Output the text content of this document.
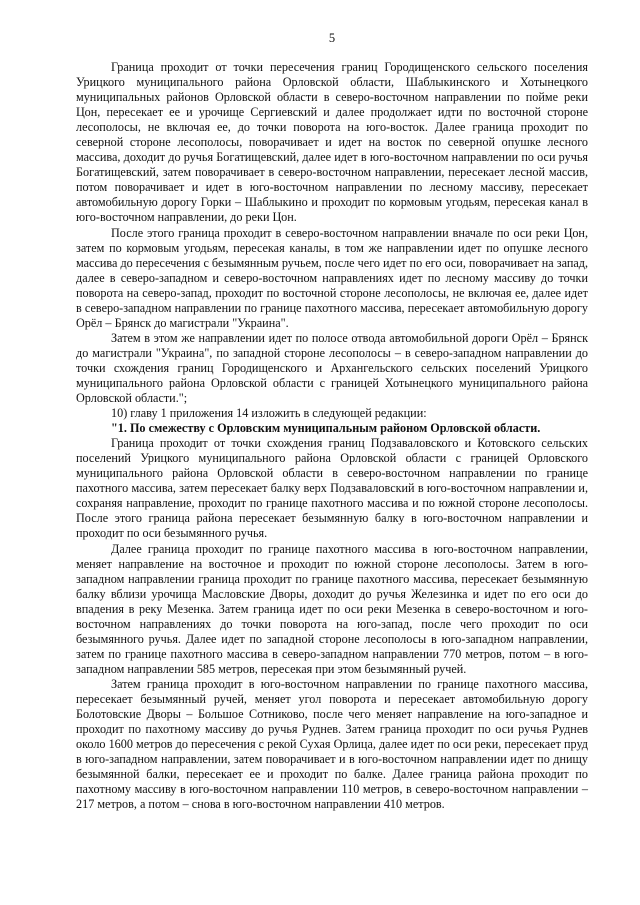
5

Граница проходит от точки пересечения границ Городищенского сельского поселения Урицкого муниципального района Орловской области, Шаблыкинского и Хотынецкого муниципальных районов Орловской области в северо-восточном направлении по пойме реки Цон, пересекает ее и урочище Сергиевский и далее продолжает идти по восточной стороне лесополосы, не включая ее, до точки поворота на юго-восток. Далее граница проходит по северной стороне лесополосы, поворачивает и идет на восток по северной опушке лесного массива, доходит до ручья Богатищевский, далее идет в юго-восточном направлении по оси ручья Богатищевский, затем поворачивает в северо-восточном направлении, пересекает лесной массив, потом поворачивает и идет в юго-восточном направлении по лесному массиву, пересекает автомобильную дорогу Горки – Шаблыкино и проходит по кормовым угодьям, пересекая канал в юго-восточном направлении, до реки Цон.

После этого граница проходит в северо-восточном направлении вначале по оси реки Цон, затем по кормовым угодьям, пересекая каналы, в том же направлении идет по опушке лесного массива до пересечения с безымянным ручьем, после чего идет по его оси, поворачивает на запад, далее в северо-западном и северо-восточном направлениях идет по лесному массиву до точки поворота на северо-запад, проходит по восточной стороне лесополосы, не включая ее, далее идет в северо-западном направлении по границе пахотного массива, пересекает автомобильную дорогу Орёл – Брянск до магистрали "Украина".

Затем в этом же направлении идет по полосе отвода автомобильной дороги Орёл – Брянск до магистрали "Украина", по западной стороне лесополосы – в северо-западном направлении до точки схождения границ Городищенского и Архангельского сельских поселений Урицкого муниципального района Орловской области с границей Хотынецкого муниципального района Орловской области.";

10) главу 1 приложения 14 изложить в следующей редакции:

"1. По смежеству с Орловским муниципальным районом Орловской области.

Граница проходит от точки схождения границ Подзаваловского и Котовского сельских поселений Урицкого муниципального района Орловской области с границей Орловского муниципального района Орловской области в северо-восточном направлении по границе пахотного массива, затем пересекает балку верх Подзаваловский в юго-восточном направлении и, сохраняя направление, проходит по границе пахотного массива и по южной стороне лесополосы. После этого граница района пересекает безымянную балку в юго-восточном направлении и проходит по оси безымянного ручья.

Далее граница проходит по границе пахотного массива в юго-восточном направлении, меняет направление на восточное и проходит по южной стороне лесополосы. Затем в юго-западном направлении граница проходит по границе пахотного массива, пересекает безымянную балку вблизи урочища Масловские Дворы, доходит до ручья Железинка и идет по его оси до впадения в реку Мезенка. Затем граница идет по оси реки Мезенка в северо-восточном и юго-восточном направлениях до точки поворота на юго-запад, после чего проходит по оси безымянного ручья. Далее идет по западной стороне лесополосы в юго-западном направлении, затем по границе пахотного массива в северо-западном направлении 770 метров, потом – в юго-западном направлении 585 метров, пересекая при этом безымянный ручей.

Затем граница проходит в юго-восточном направлении по границе пахотного массива, пересекает безымянный ручей, меняет угол поворота и пересекает автомобильную дорогу Болотовские Дворы – Большое Сотниково, после чего меняет направление на юго-западное и проходит по пахотному массиву до ручья Руднев. Затем граница проходит по оси ручья Руднев около 1600 метров до пересечения с рекой Сухая Орлица, далее идет по оси реки, пересекает пруд в юго-западном направлении, затем поворачивает и в юго-восточном направлении идет по днищу безымянной балки, пересекает ее и проходит по балке. Далее граница района проходит по пахотному массиву в юго-восточном направлении 110 метров, в северо-восточном направлении – 217 метров, а потом – снова в юго-восточном направлении 410 метров.
